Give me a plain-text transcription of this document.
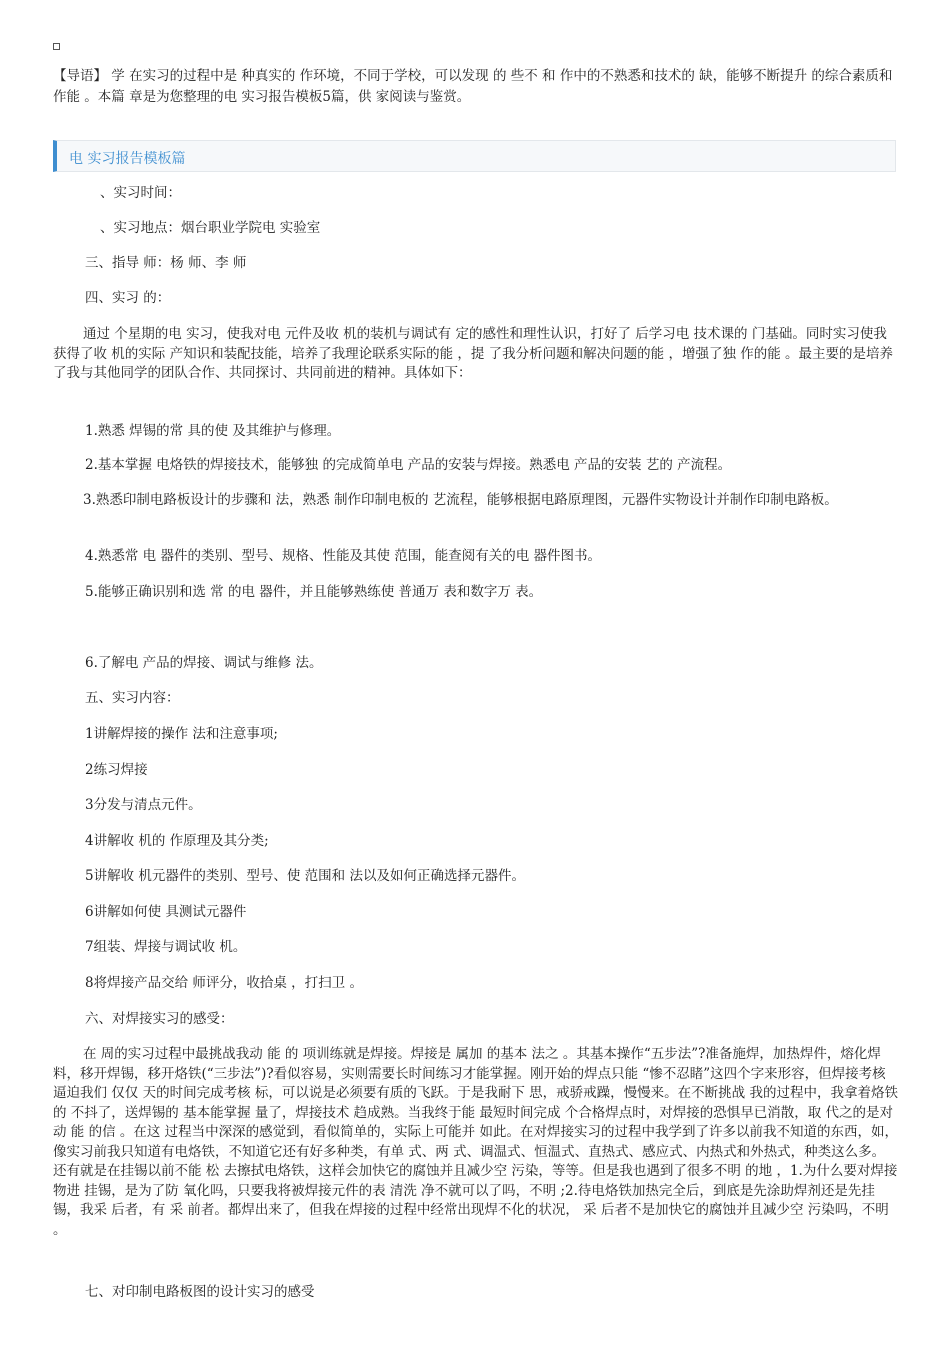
【导语】 学 在实习的过程中是 种真实的 作环境，不同于学校，可以发现 的 些不 和 作中的不熟悉和技术的 缺，能够不断提升 的综合素质和 作能 。本篇 章是为您整理的电 实习报告模板5篇，供 家阅读与鉴赏。

电 实习报告模板篇

、实习时间：

、实习地点：烟台职业学院电 实验室

三、指导 师：杨 师、李 师

四、实习 的：

通过 个星期的电 实习，使我对电 元件及收 机的装机与调试有 定的感性和理性认识，打好了 后学习电 技术课的 门基础。同时实习使我获得了收 机的实际 产知识和装配技能，培养了我理论联系实际的能 ，提 了我分析问题和解决问题的能 ，增强了独 作的能 。最主要的是培养了我与其他同学的团队合作、共同探讨、共同前进的精神。具体如下：

1.熟悉 焊锡的常 具的使 及其维护与修理。

2.基本掌握 电烙铁的焊接技术，能够独 的完成简单电 产品的安装与焊接。熟悉电 产品的安装 艺的 产流程。

3.熟悉印制电路板设计的步骤和 法，熟悉 制作印制电板的 艺流程，能够根据电路原理图，元器件实物设计并制作印制电路板。

4.熟悉常 电 器件的类别、型号、规格、性能及其使 范围，能查阅有关的电 器件图书。

5.能够正确识别和选 常 的电 器件，并且能够熟练使 普通万 表和数字万 表。

6.了解电 产品的焊接、调试与维修 法。

五、实习内容：

1讲解焊接的操作 法和注意事项;

2练习焊接

3分发与清点元件。

4讲解收 机的 作原理及其分类;

5讲解收 机元器件的类别、型号、使 范围和 法以及如何正确选择元器件。

6讲解如何使 具测试元器件

7组装、焊接与调试收 机。

8将焊接产品交给 师评分，收拾桌 ，打扫卫 。

六、对焊接实习的感受：

在 周的实习过程中最挑战我动 能 的 项训练就是焊接。焊接是 属加 的基本 法之 。其基本操作“五步法”?准备施焊，加热焊件，熔化焊料，移开焊锡，移开烙铁(“三步法”)?看似容易，实则需要长时间练习才能掌握。刚开始的焊点只能 “惨不忍睹”这四个字来形容，但焊接考核逼迫我们 仅仅 天的时间完成考核 标，可以说是必须要有质的飞跃。于是我耐下 思，戒骄戒躁，慢慢来。在不断挑战 我的过程中，我拿着烙铁的 不抖了，送焊锡的 基本能掌握 量了，焊接技术 趋成熟。当我终于能 最短时间完成 个合格焊点时，对焊接的恐惧早已消散，取 代之的是对 动 能 的信 。在这 过程当中深深的感觉到，看似简单的，实际上可能并 如此。在对焊接实习的过程中我学到了许多以前我不知道的东西，如，像实习前我只知道有电烙铁，不知道它还有好多种类，有单 式、两 式、调温式、恒温式、直热式、感应式、内热式和外热式，种类这么多。还有就是在挂锡以前不能 松 去擦拭电烙铁，这样会加快它的腐蚀并且减少空 污染，等等。但是我也遇到了很多不明 的地 ，1.为什么要对焊接物进 挂锡，是为了防 氧化吗，只要我将被焊接元件的表 清洗 净不就可以了吗，不明 ;2.待电烙铁加热完全后，到底是先涂助焊剂还是先挂锡，我采 后者，有 采 前者。都焊出来了，但我在焊接的过程中经常出现焊不化的状况， 采 后者不是加快它的腐蚀并且减少空 污染吗，不明 。

七、对印制电路板图的设计实习的感受
